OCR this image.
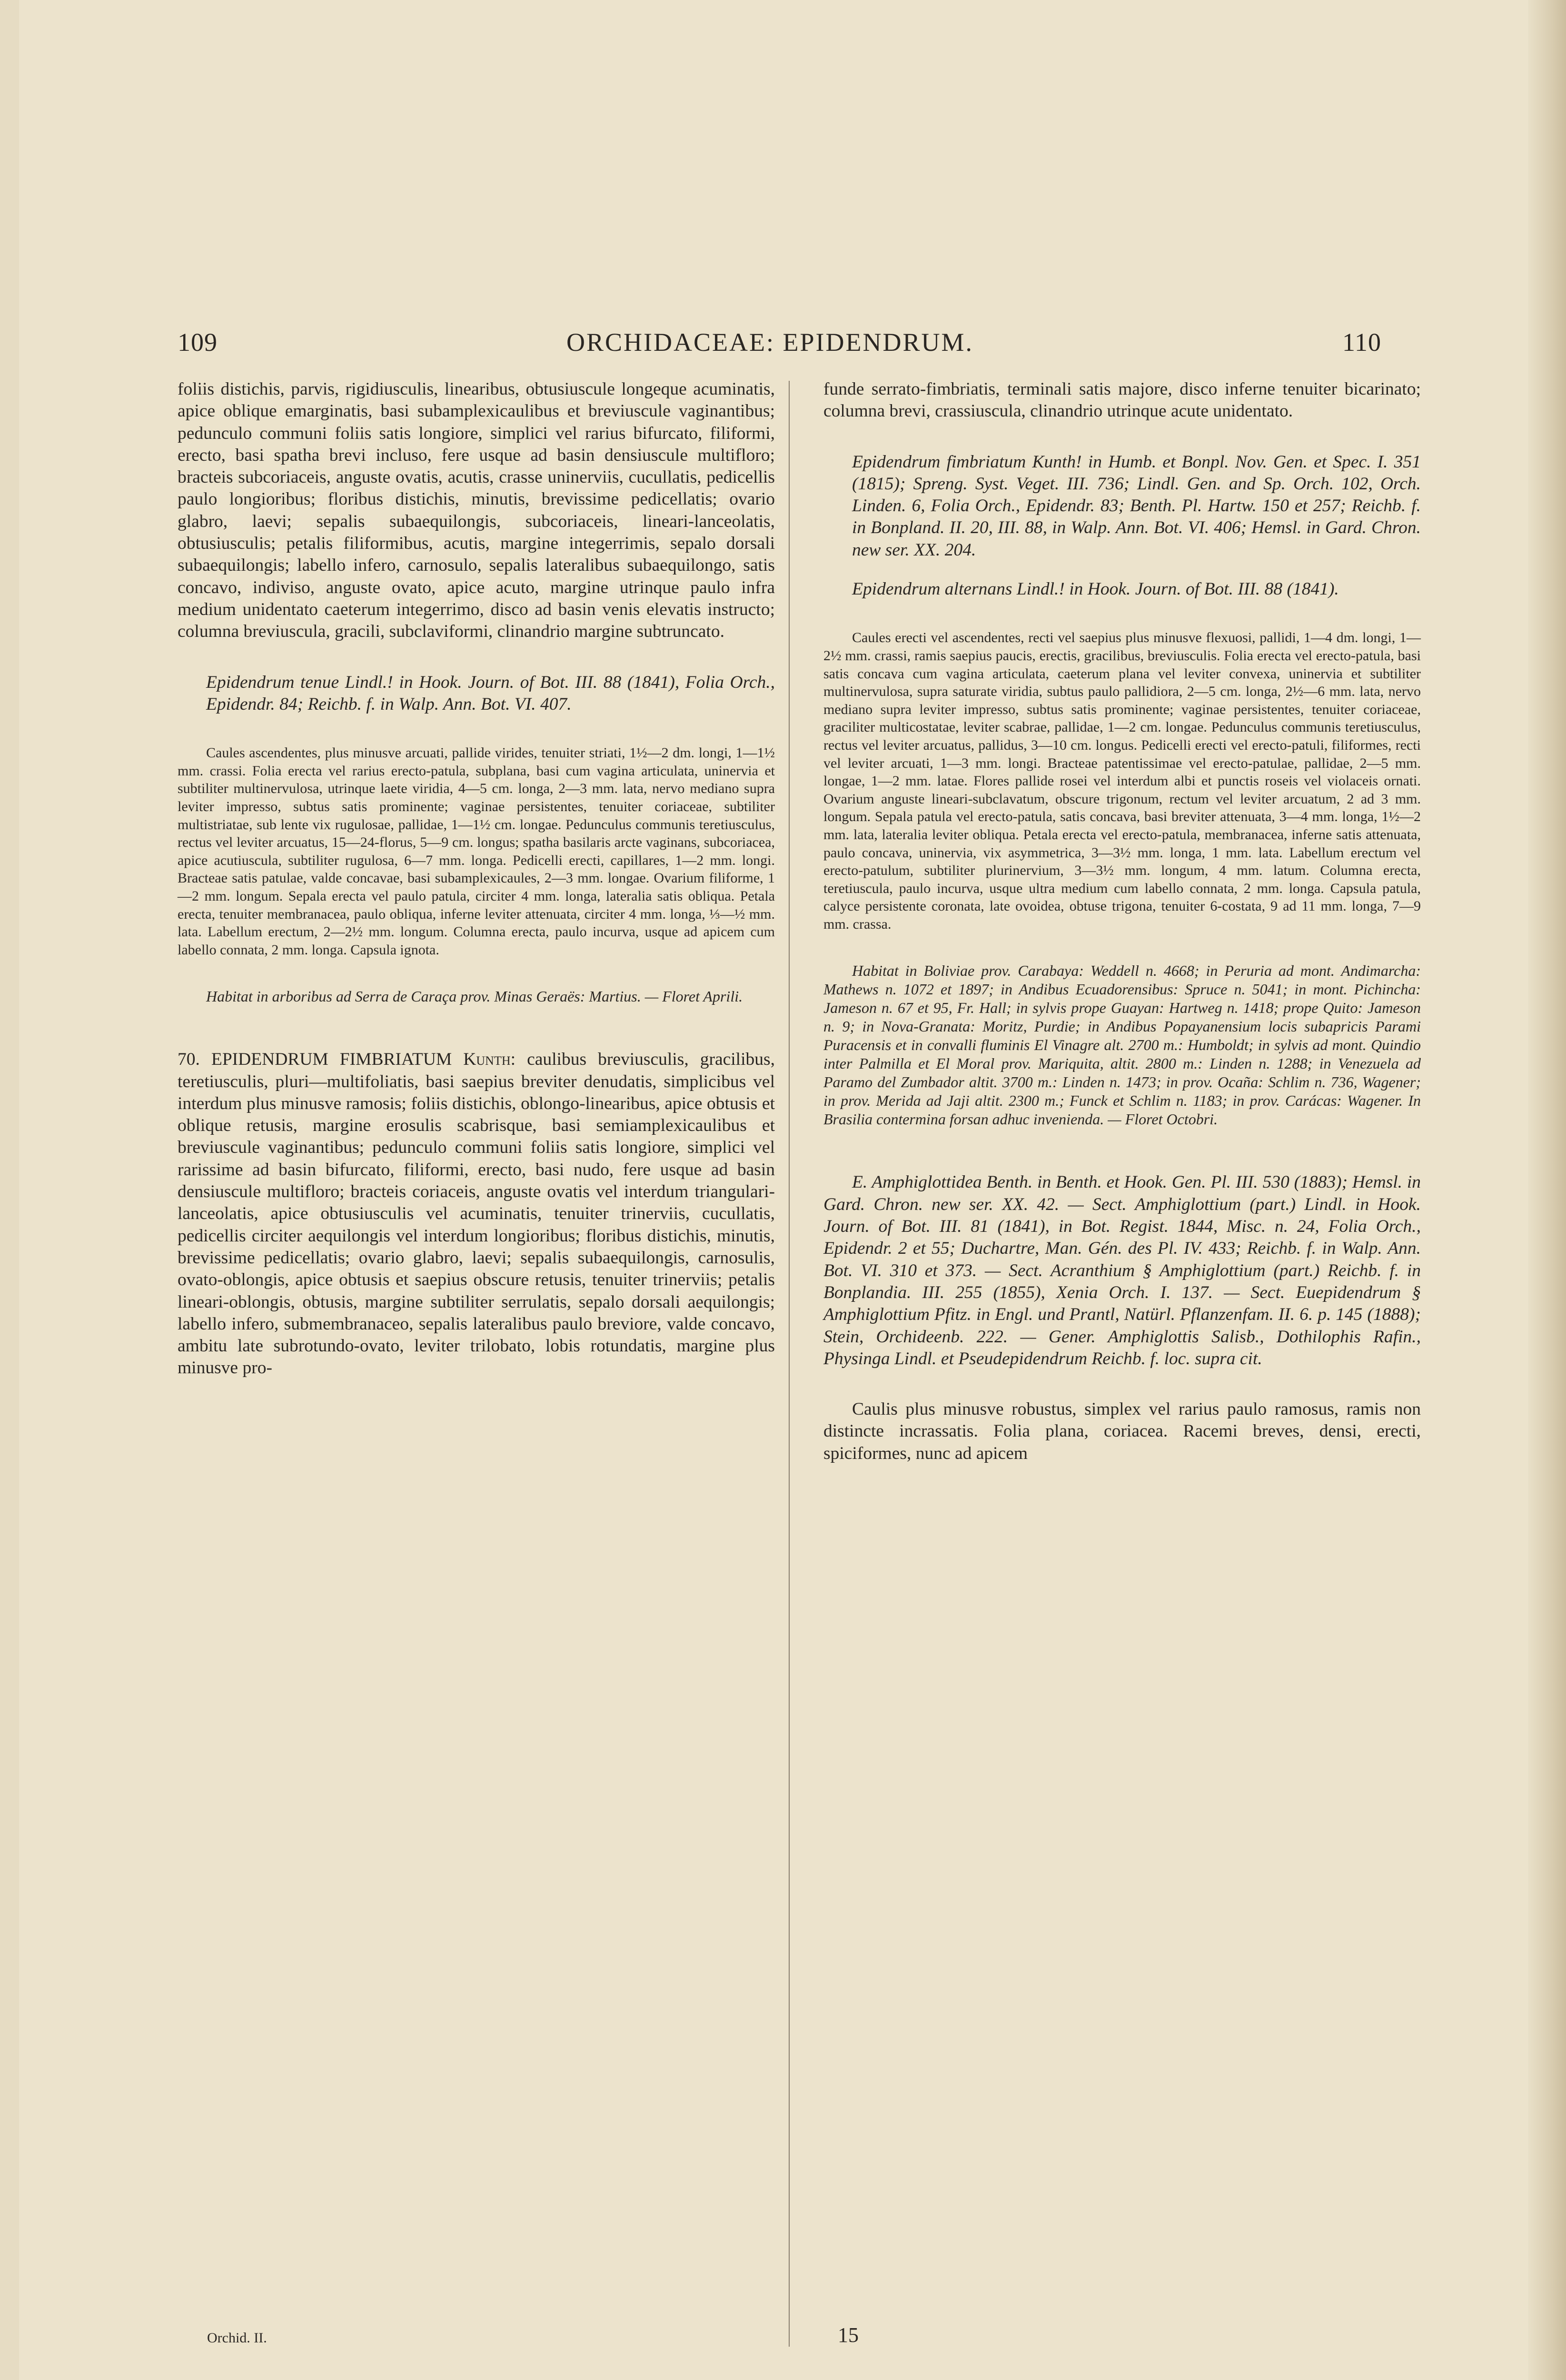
109	ORCHIDACEAE: EPIDENDRUM.	110

foliis distichis, parvis, rigidiusculis, linearibus, obtusiuscule longeque acuminatis, apice oblique emarginatis, basi subamplexicaulibus et breviuscule vaginantibus; pedunculo communi foliis satis longiore, simplici vel rarius bifurcato, filiformi, erecto, basi spatha brevi incluso, fere usque ad basin densiuscule multifloro; bracteis subcoriaceis, anguste ovatis, acutis, crasse uninerviis, cucullatis, pedicellis paulo longioribus; floribus distichis, minutis, brevissime pedicellatis; ovario glabro, laevi; sepalis subaequilongis, subcoriaceis, lineari-lanceolatis, obtusiusculis; petalis filiformibus, acutis, margine integerrimis, sepalo dorsali subaequilongis; labello infero, carnosulo, sepalis lateralibus subaequilongo, satis concavo, indiviso, anguste ovato, apice acuto, margine utrinque paulo infra medium unidentato caeterum integerrimo, disco ad basin venis elevatis instructo; columna breviuscula, gracili, subclaviformi, clinandrio margine subtruncato.

Epidendrum tenue Lindl.! in Hook. Journ. of Bot. III. 88 (1841), Folia Orch., Epidendr. 84; Reichb. f. in Walp. Ann. Bot. VI. 407.

Caules ascendentes, plus minusve arcuati, pallide virides, tenuiter striati, 1½—2 dm. longi, 1—1½ mm. crassi. Folia erecta vel rarius erecto-patula, subplana, basi cum vagina articulata, uninervia et subtiliter multinervulosa, utrinque laete viridia, 4—5 cm. longa, 2—3 mm. lata, nervo mediano supra leviter impresso, subtus satis prominente; vaginae persistentes, tenuiter coriaceae, subtiliter multistriatae, sub lente vix rugulosae, pallidae, 1—1½ cm. longae. Pedunculus communis teretiusculus, rectus vel leviter arcuatus, 15—24-florus, 5—9 cm. longus; spatha basilaris arcte vaginans, subcoriacea, apice acutiuscula, subtiliter rugulosa, 6—7 mm. longa. Pedicelli erecti, capillares, 1—2 mm. longi. Bracteae satis patulae, valde concavae, basi subamplexicaules, 2—3 mm. longae. Ovarium filiforme, 1—2 mm. longum. Sepala erecta vel paulo patula, circiter 4 mm. longa, lateralia satis obliqua. Petala erecta, tenuiter membranacea, paulo obliqua, inferne leviter attenuata, circiter 4 mm. longa, ⅓—½ mm. lata. Labellum erectum, 2—2½ mm. longum. Columna erecta, paulo incurva, usque ad apicem cum labello connata, 2 mm. longa. Capsula ignota.

Habitat in arboribus ad Serra de Caraça prov. Minas Geraës: Martius. — Floret Aprili.

70. EPIDENDRUM FIMBRIATUM Kunth: caulibus breviusculis, gracilibus, teretiusculis, pluri—multifoliatis, basi saepius breviter denudatis, simplicibus vel interdum plus minusve ramosis; foliis distichis, oblongo-linearibus, apice obtusis et oblique retusis, margine erosulis scabrisque, basi semiamplexicaulibus et breviuscule vaginantibus; pedunculo communi foliis satis longiore, simplici vel rarissime ad basin bifurcato, filiformi, erecto, basi nudo, fere usque ad basin densiuscule multifloro; bracteis coriaceis, anguste ovatis vel interdum triangulari-lanceolatis, apice obtusiusculis vel acuminatis, tenuiter trinerviis, cucullatis, pedicellis circiter aequilongis vel interdum longioribus; floribus distichis, minutis, brevissime pedicellatis; ovario glabro, laevi; sepalis subaequilongis, carnosulis, ovato-oblongis, apice obtusis et saepius obscure retusis, tenuiter trinerviis; petalis lineari-oblongis, obtusis, margine subtiliter serrulatis, sepalo dorsali aequilongis; labello infero, submembranaceo, sepalis lateralibus paulo breviore, valde concavo, ambitu late subrotundo-ovato, leviter trilobato, lobis rotundatis, margine plus minusve pro-

funde serrato-fimbriatis, terminali satis majore, disco inferne tenuiter bicarinato; columna brevi, crassiuscula, clinandrio utrinque acute unidentato.

Epidendrum fimbriatum Kunth! in Humb. et Bonpl. Nov. Gen. et Spec. I. 351 (1815); Spreng. Syst. Veget. III. 736; Lindl. Gen. and Sp. Orch. 102, Orch. Linden. 6, Folia Orch., Epidendr. 83; Benth. Pl. Hartw. 150 et 257; Reichb. f. in Bonpland. II. 20, III. 88, in Walp. Ann. Bot. VI. 406; Hemsl. in Gard. Chron. new ser. XX. 204.

Epidendrum alternans Lindl.! in Hook. Journ. of Bot. III. 88 (1841).

Caules erecti vel ascendentes, recti vel saepius plus minusve flexuosi, pallidi, 1—4 dm. longi, 1—2½ mm. crassi, ramis saepius paucis, erectis, gracilibus, breviusculis. Folia erecta vel erecto-patula, basi satis concava cum vagina articulata, caeterum plana vel leviter convexa, uninervia et subtiliter multinervulosa, supra saturate viridia, subtus paulo pallidiora, 2—5 cm. longa, 2½—6 mm. lata, nervo mediano supra leviter impresso, subtus satis prominente; vaginae persistentes, tenuiter coriaceae, graciliter multicostatae, leviter scabrae, pallidae, 1—2 cm. longae. Pedunculus communis teretiusculus, rectus vel leviter arcuatus, pallidus, 3—10 cm. longus. Pedicelli erecti vel erecto-patuli, filiformes, recti vel leviter arcuati, 1—3 mm. longi. Bracteae patentissimae vel erecto-patulae, pallidae, 2—5 mm. longae, 1—2 mm. latae. Flores pallide rosei vel interdum albi et punctis roseis vel violaceis ornati. Ovarium anguste lineari-subclavatum, obscure trigonum, rectum vel leviter arcuatum, 2 ad 3 mm. longum. Sepala patula vel erecto-patula, satis concava, basi breviter attenuata, 3—4 mm. longa, 1½—2 mm. lata, lateralia leviter obliqua. Petala erecta vel erecto-patula, membranacea, inferne satis attenuata, paulo concava, uninervia, vix asymmetrica, 3—3½ mm. longa, 1 mm. lata. Labellum erectum vel erecto-patulum, subtiliter plurinervium, 3—3½ mm. longum, 4 mm. latum. Columna erecta, teretiuscula, paulo incurva, usque ultra medium cum labello connata, 2 mm. longa. Capsula patula, calyce persistente coronata, late ovoidea, obtuse trigona, tenuiter 6-costata, 9 ad 11 mm. longa, 7—9 mm. crassa.

Habitat in Boliviae prov. Carabaya: Weddell n. 4668; in Peruria ad mont. Andimarcha: Mathews n. 1072 et 1897; in Andibus Ecuadorensibus: Spruce n. 5041; in mont. Pichincha: Jameson n. 67 et 95, Fr. Hall; in sylvis prope Guayan: Hartweg n. 1418; prope Quito: Jameson n. 9; in Nova-Granata: Moritz, Purdie; in Andibus Popayanensium locis subapricis Parami Puracensis et in convalli fluminis El Vinagre alt. 2700 m.: Humboldt; in sylvis ad mont. Quindio inter Palmilla et El Moral prov. Mariquita, altit. 2800 m.: Linden n. 1288; in Venezuela ad Paramo del Zumbador altit. 3700 m.: Linden n. 1473; in prov. Ocaña: Schlim n. 736, Wagener; in prov. Merida ad Jaji altit. 2300 m.; Funck et Schlim n. 1183; in prov. Carácas: Wagener. In Brasilia contermina forsan adhuc invenienda. — Floret Octobri.

E. Amphiglottidea Benth. in Benth. et Hook. Gen. Pl. III. 530 (1883); Hemsl. in Gard. Chron. new ser. XX. 42. — Sect. Amphiglottium (part.) Lindl. in Hook. Journ. of Bot. III. 81 (1841), in Bot. Regist. 1844, Misc. n. 24, Folia Orch., Epidendr. 2 et 55; Duchartre, Man. Gén. des Pl. IV. 433; Reichb. f. in Walp. Ann. Bot. VI. 310 et 373. — Sect. Acranthium § Amphiglottium (part.) Reichb. f. in Bonplandia. III. 255 (1855), Xenia Orch. I. 137. — Sect. Euepidendrum § Amphiglottium Pfitz. in Engl. und Prantl, Natürl. Pflanzenfam. II. 6. p. 145 (1888); Stein, Orchideenb. 222. — Gener. Amphiglottis Salisb., Dothilophis Rafin., Physinga Lindl. et Pseudepidendrum Reichb. f. loc. supra cit.

Caulis plus minusve robustus, simplex vel rarius paulo ramosus, ramis non distincte incrassatis. Folia plana, coriacea. Racemi breves, densi, erecti, spiciformes, nunc ad apicem

Orchid. II.	15
